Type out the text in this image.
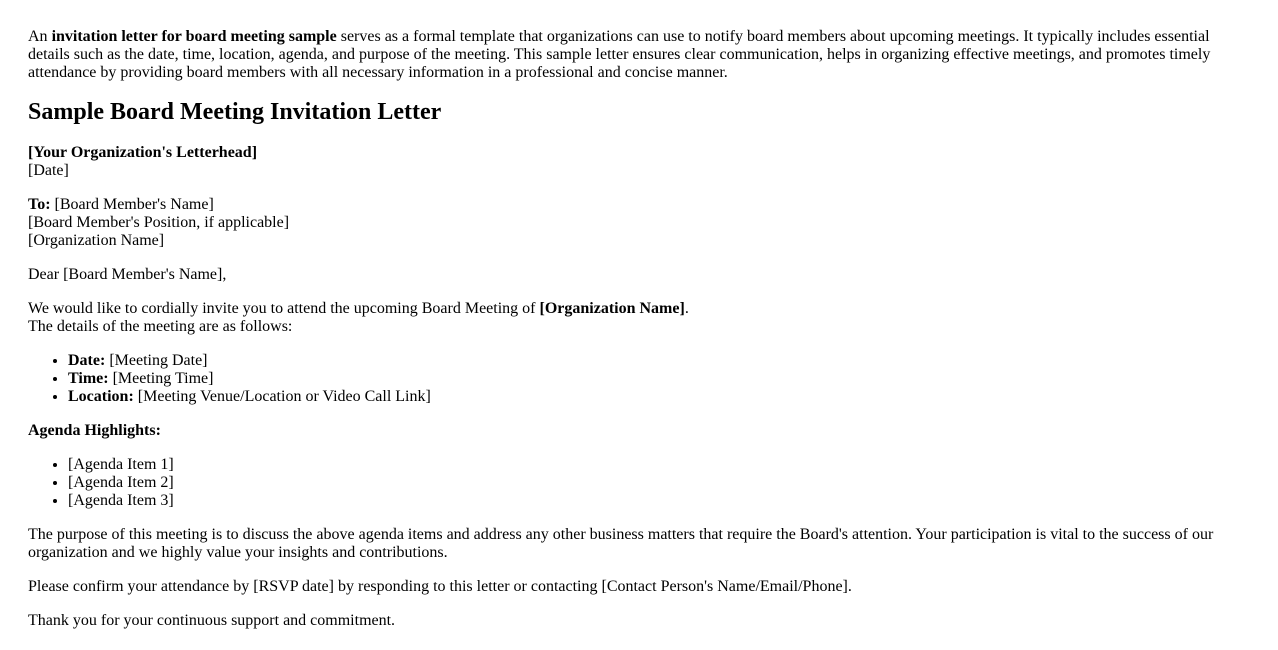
An invitation letter for board meeting sample serves as a formal template that organizations can use to notify board members about upcoming meetings. It typically includes essential details such as the date, time, location, agenda, and purpose of the meeting. This sample letter ensures clear communication, helps in organizing effective meetings, and promotes timely attendance by providing board members with all necessary information in a professional and concise manner.

Sample Board Meeting Invitation Letter

[Your Organization's Letterhead]
[Date]

To: [Board Member's Name]
[Board Member's Position, if applicable]
[Organization Name]

Dear [Board Member's Name],

We would like to cordially invite you to attend the upcoming Board Meeting of [Organization Name].
The details of the meeting are as follows:

• Date: [Meeting Date]
• Time: [Meeting Time]
• Location: [Meeting Venue/Location or Video Call Link]

Agenda Highlights:

• [Agenda Item 1]
• [Agenda Item 2]
• [Agenda Item 3]

The purpose of this meeting is to discuss the above agenda items and address any other business matters that require the Board's attention. Your participation is vital to the success of our organization and we highly value your insights and contributions.

Please confirm your attendance by [RSVP date] by responding to this letter or contacting [Contact Person's Name/Email/Phone].

Thank you for your continuous support and commitment.
